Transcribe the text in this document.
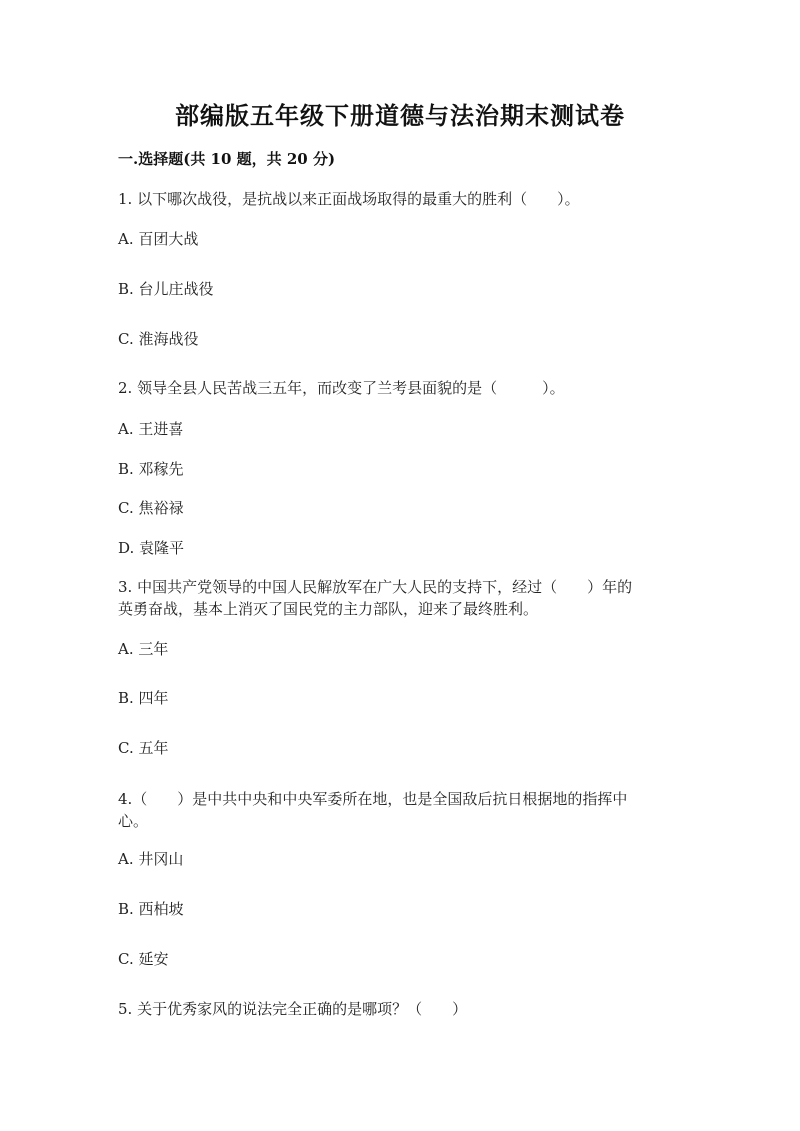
部编版五年级下册道德与法治期末测试卷
一.选择题(共 10 题，共 20 分)
1. 以下哪次战役，是抗战以来正面战场取得的最重大的胜利（　　）。
A. 百团大战
B. 台儿庄战役
C. 淮海战役
2. 领导全县人民苦战三五年，而改变了兰考县面貌的是（　　　）。
A. 王进喜
B. 邓稼先
C. 焦裕禄
D. 袁隆平
3. 中国共产党领导的中国人民解放军在广大人民的支持下，经过（　　）年的
英勇奋战，基本上消灭了国民党的主力部队，迎来了最终胜利。
A. 三年
B. 四年
C. 五年
4.（　　）是中共中央和中央军委所在地，也是全国敌后抗日根据地的指挥中
心。
A. 井冈山
B. 西柏坡
C. 延安
5. 关于优秀家风的说法完全正确的是哪项？（　　）
